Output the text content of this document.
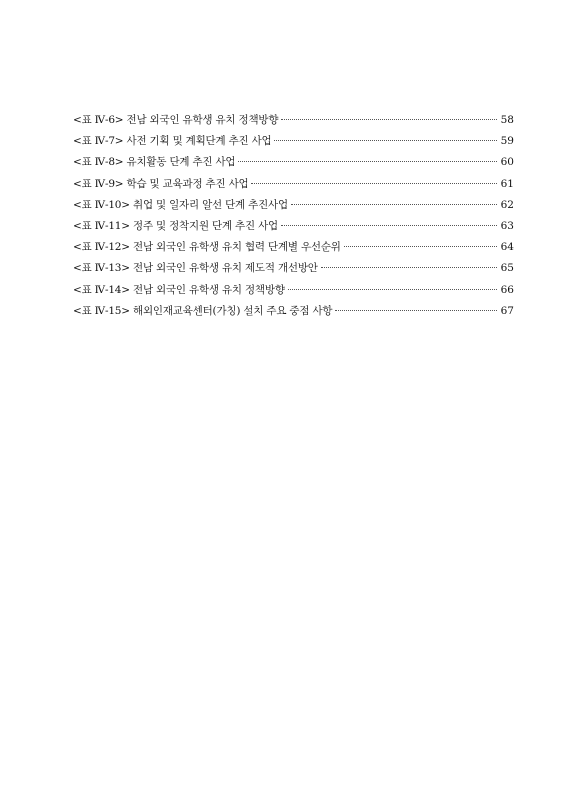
<표 Ⅳ-6> 전남 외국인 유학생 유치 정책방향	58
<표 Ⅳ-7> 사전 기획 및 계획단계 추진 사업	59
<표 Ⅳ-8> 유치활동 단계 추진 사업	60
<표 Ⅳ-9> 학습 및 교육과정 추진 사업	61
<표 Ⅳ-10> 취업 및 일자리 알선 단계 추진사업	62
<표 Ⅳ-11> 정주 및 정착지원 단계 추진 사업	63
<표 Ⅳ-12> 전남 외국인 유학생 유치 협력 단계별 우선순위	64
<표 Ⅳ-13> 전남 외국인 유학생 유치 제도적 개선방안	65
<표 Ⅳ-14> 전남 외국인 유학생 유치 정책방향	66
<표 Ⅳ-15> 해외인재교육센터(가칭) 설치 주요 중점 사항	67
